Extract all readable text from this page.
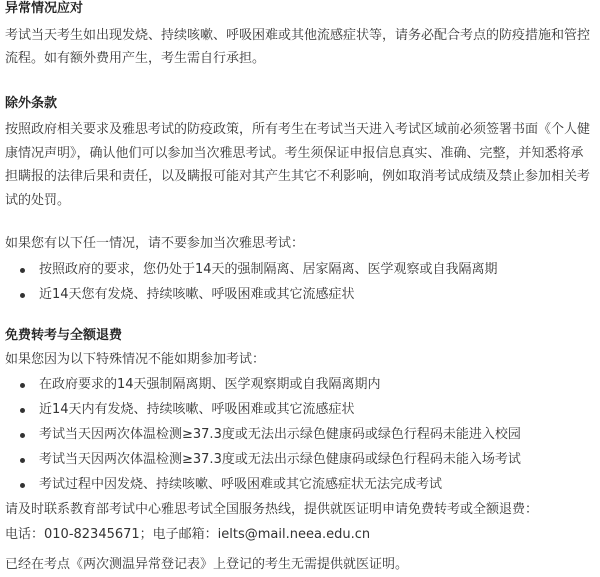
异常情况应对

考试当天考生如出现发烧、持续咳嗽、呼吸困难或其他流感症状等，请务必配合考点的防疫措施和管控流程。如有额外费用产生，考生需自行承担。

除外条款

按照政府相关要求及雅思考试的防疫政策，所有考生在考试当天进入考试区域前必须签署书面《个人健康情况声明》，确认他们可以参加当次雅思考试。考生须保证申报信息真实、准确、完整，并知悉将承担瞒报的法律后果和责任，以及瞒报可能对其产生其它不利影响，例如取消考试成绩及禁止参加相关考试的处罚。

如果您有以下任一情况，请不要参加当次雅思考试：

按照政府的要求，您仍处于14天的强制隔离、居家隔离、医学观察或自我隔离期
近14天您有发烧、持续咳嗽、呼吸困难或其它流感症状
免费转考与全额退费

如果您因为以下特殊情况不能如期参加考试：

在政府要求的14天强制隔离期、医学观察期或自我隔离期内
近14天内有发烧、持续咳嗽、呼吸困难或其它流感症状
考试当天因两次体温检测≥37.3度或无法出示绿色健康码或绿色行程码未能进入校园
考试当天因两次体温检测≥37.3度或无法出示绿色健康码或绿色行程码未能入场考试
考试过程中因发烧、持续咳嗽、呼吸困难或其它流感症状无法完成考试

请及时联系教育部考试中心雅思考试全国服务热线，提供就医证明申请免费转考或全额退费：

电话：010-82345671；电子邮箱：ielts@mail.neea.edu.cn

已经在考点《两次测温异常登记表》上登记的考生无需提供就医证明。
